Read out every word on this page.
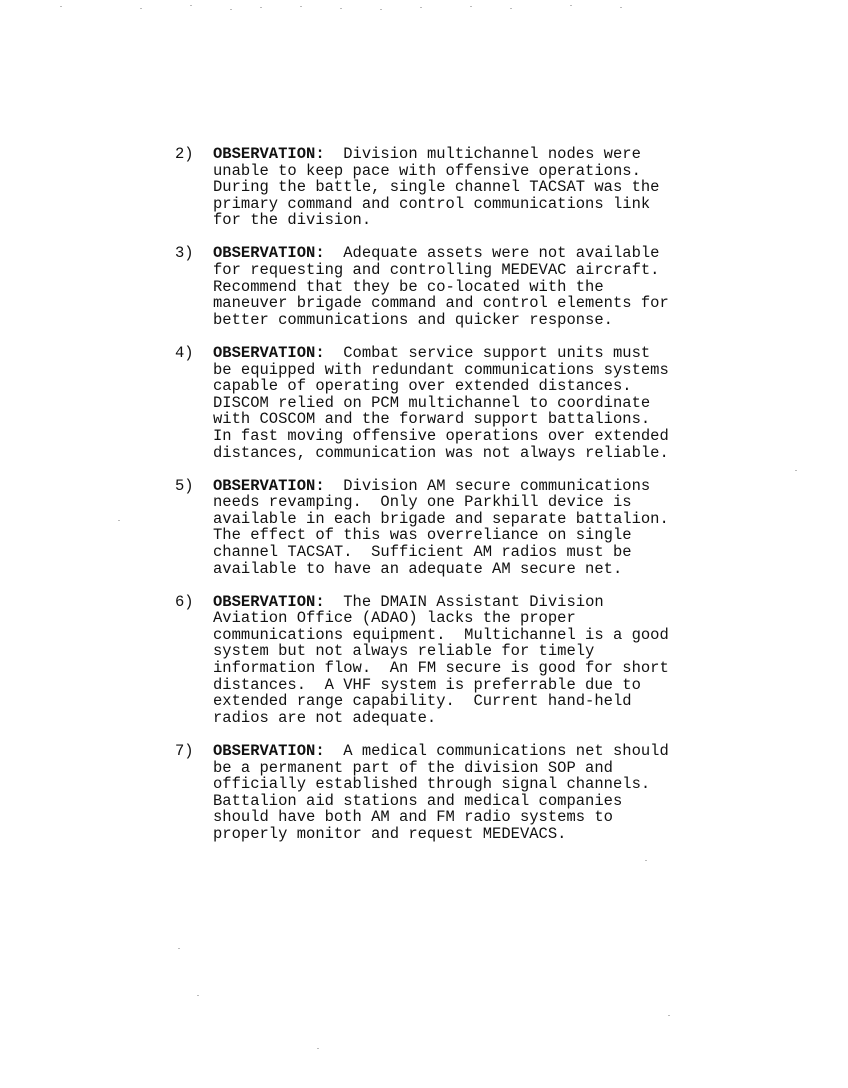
2) OBSERVATION:  Division multichannel nodes were
unable to keep pace with offensive operations.
During the battle, single channel TACSAT was the
primary command and control communications link
for the division.
3) OBSERVATION:  Adequate assets were not available
for requesting and controlling MEDEVAC aircraft.
Recommend that they be co-located with the
maneuver brigade command and control elements for
better communications and quicker response.
4) OBSERVATION:  Combat service support units must
be equipped with redundant communications systems
capable of operating over extended distances.
DISCOM relied on PCM multichannel to coordinate
with COSCOM and the forward support battalions.
In fast moving offensive operations over extended
distances, communication was not always reliable.
5) OBSERVATION:  Division AM secure communications
needs revamping.  Only one Parkhill device is
available in each brigade and separate battalion.
The effect of this was overreliance on single
channel TACSAT.  Sufficient AM radios must be
available to have an adequate AM secure net.
6) OBSERVATION:  The DMAIN Assistant Division
Aviation Office (ADAO) lacks the proper
communications equipment.  Multichannel is a good
system but not always reliable for timely
information flow.  An FM secure is good for short
distances.  A VHF system is preferrable due to
extended range capability.  Current hand-held
radios are not adequate.
7) OBSERVATION:  A medical communications net should
be a permanent part of the division SOP and
officially established through signal channels.
Battalion aid stations and medical companies
should have both AM and FM radio systems to
properly monitor and request MEDEVACS.
